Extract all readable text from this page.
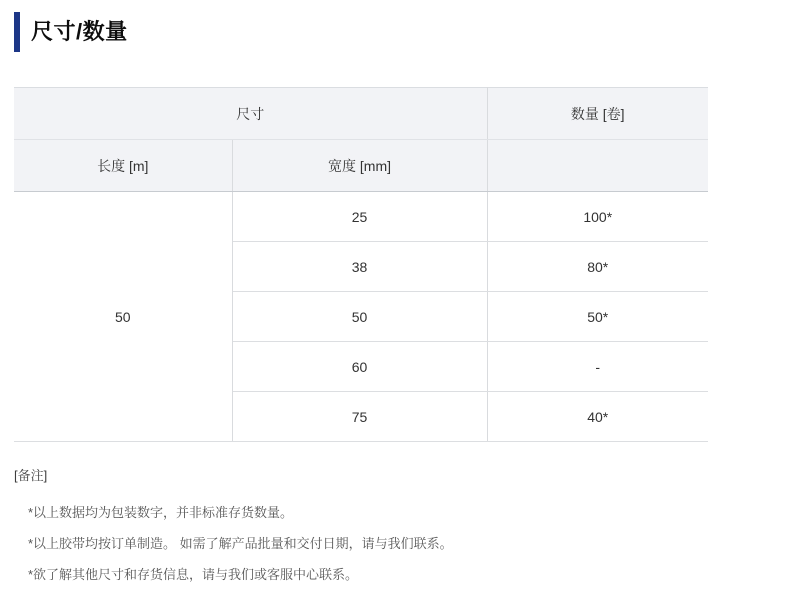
尺寸/数量
尺寸		数量 [卷]
长度 [m]	宽度 [mm]	
50	25	100*
	38	80*
	50	50*
	60	-
	75	40*
[备注]
*以上数据均为包装数字，并非标准存货数量。
*以上胶带均按订单制造。 如需了解产品批量和交付日期，请与我们联系。
*欲了解其他尺寸和存货信息，请与我们或客服中心联系。
